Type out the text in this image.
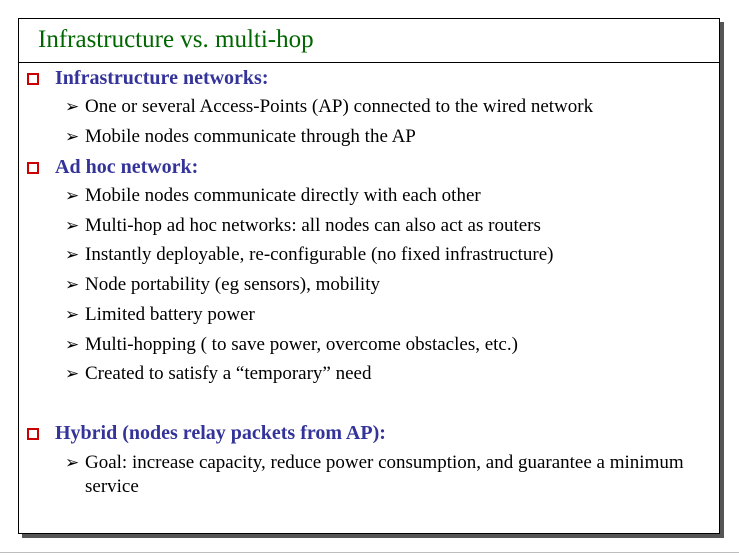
Infrastructure vs. multi-hop
Infrastructure networks:
➢ One or several Access-Points (AP) connected to the wired network
➢ Mobile nodes communicate through the AP
Ad hoc network:
➢ Mobile nodes communicate directly with each other
➢ Multi-hop ad hoc networks: all nodes can also act as routers
➢ Instantly deployable, re-configurable (no fixed infrastructure)
➢ Node portability (eg sensors), mobility
➢ Limited battery power
➢ Multi-hopping ( to save power, overcome obstacles, etc.)
➢ Created to satisfy a “temporary” need
Hybrid (nodes relay packets from AP):
➢ Goal: increase capacity, reduce power consumption, and guarantee a minimum service
